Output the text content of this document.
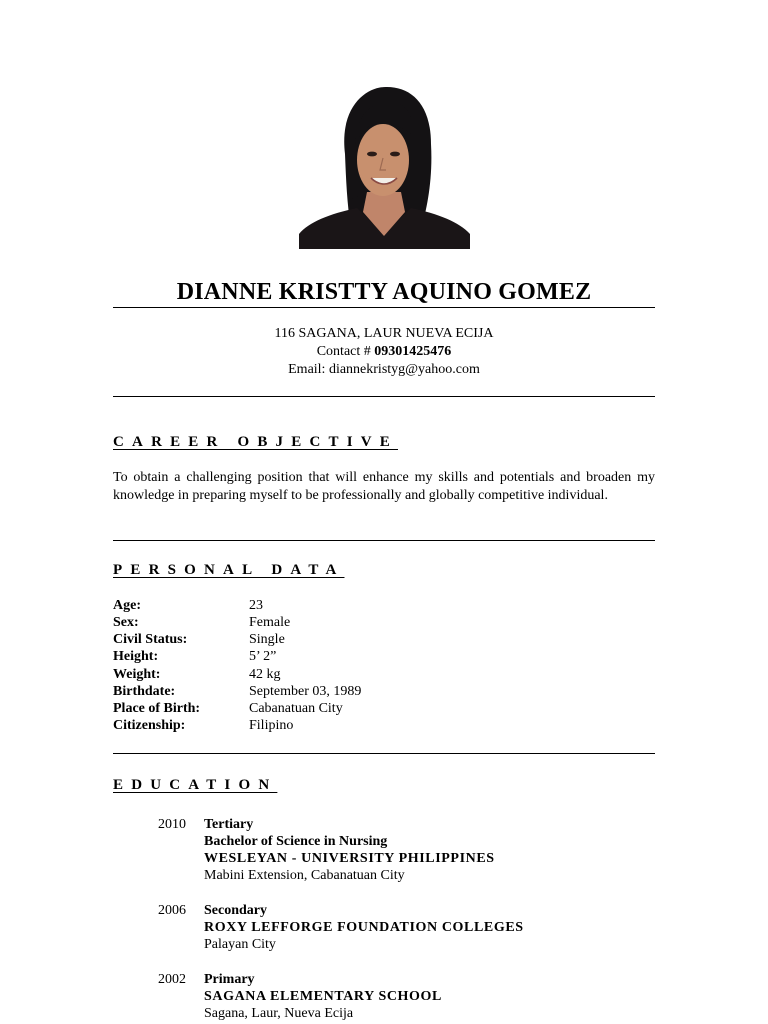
DIANNE KRISTTY AQUINO GOMEZ
116 SAGANA, LAUR NUEVA ECIJA
Contact # 09301425476
Email: diannekristyg@yahoo.com
CAREER OBJECTIVE
To obtain a challenging position that will enhance my skills and potentials and broaden my knowledge in preparing myself to be professionally and globally competitive individual.
PERSONAL DATA
Age:	23
Sex:	Female
Civil Status:	Single
Height:	5’ 2”
Weight:	42 kg
Birthdate:	September 03, 1989
Place of Birth:	Cabanatuan City
Citizenship:	Filipino
EDUCATION
2010 Tertiary
Bachelor of Science in Nursing
WESLEYAN - UNIVERSITY PHILIPPINES
Mabini Extension, Cabanatuan City
2006 Secondary
ROXY LEFFORGE FOUNDATION COLLEGES
Palayan City
2002 Primary
SAGANA ELEMENTARY SCHOOL
Sagana, Laur, Nueva Ecija
